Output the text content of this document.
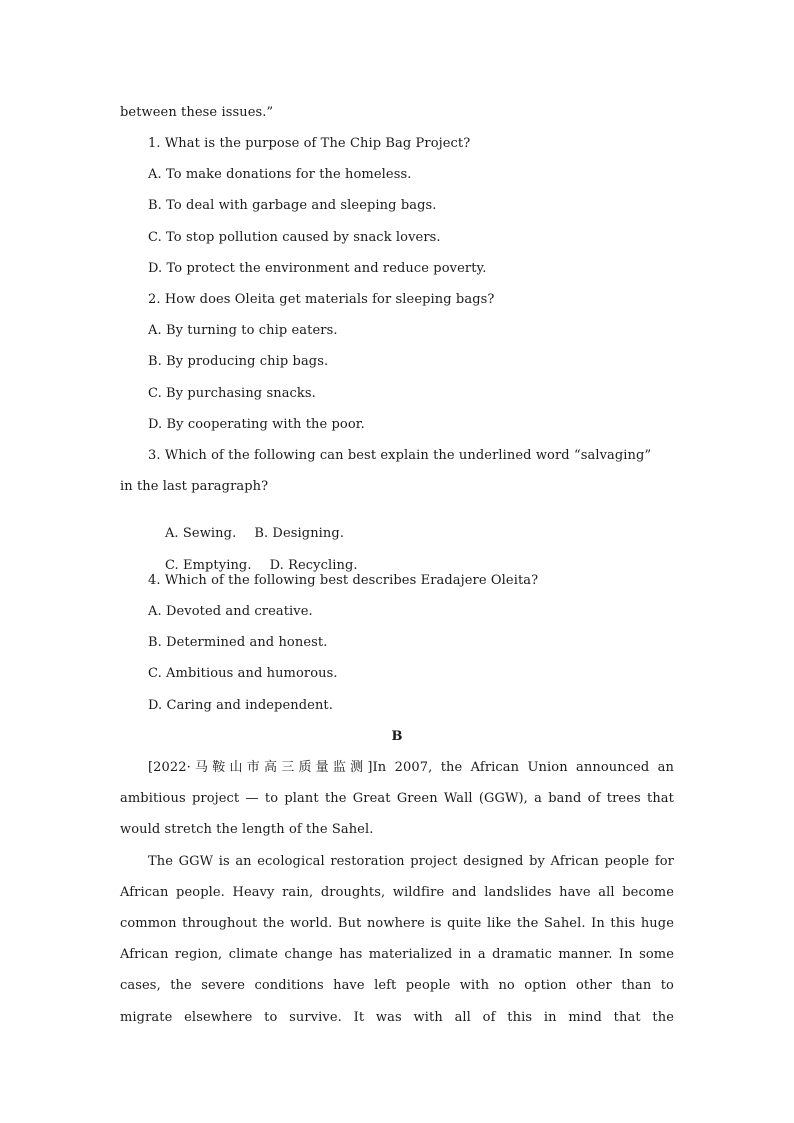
between these issues.”
1. What is the purpose of The Chip Bag Project?
A. To make donations for the homeless.
B. To deal with garbage and sleeping bags.
C. To stop pollution caused by snack lovers.
D. To protect the environment and reduce poverty.
2. How does Oleita get materials for sleeping bags?
A. By turning to chip eaters.
B. By producing chip bags.
C. By purchasing snacks.
D. By cooperating with the poor.
3. Which of the following can best explain the underlined word “salvaging”
in the last paragraph?

A. Sewing. B. Designing.

C. Emptying. D. Recycling.

4. Which of the following best describes Eradajere Oleita?
A. Devoted and creative.
B. Determined and honest.
C. Ambitious and humorous.
D. Caring and independent.
B
[2022·马鞍山市高三质量监测]In 2007, the African Union announced an
ambitious project — to plant the Great Green Wall (GGW), a band of trees that
would stretch the length of the Sahel.
The GGW is an ecological restoration project designed by African people for
African people. Heavy rain, droughts, wildfire and landslides have all become
common throughout the world. But nowhere is quite like the Sahel. In this huge
African region, climate change has materialized in a dramatic manner. In some
cases, the severe conditions have left people with no option other than to
migrate elsewhere to survive. It was with all of this in mind that the
